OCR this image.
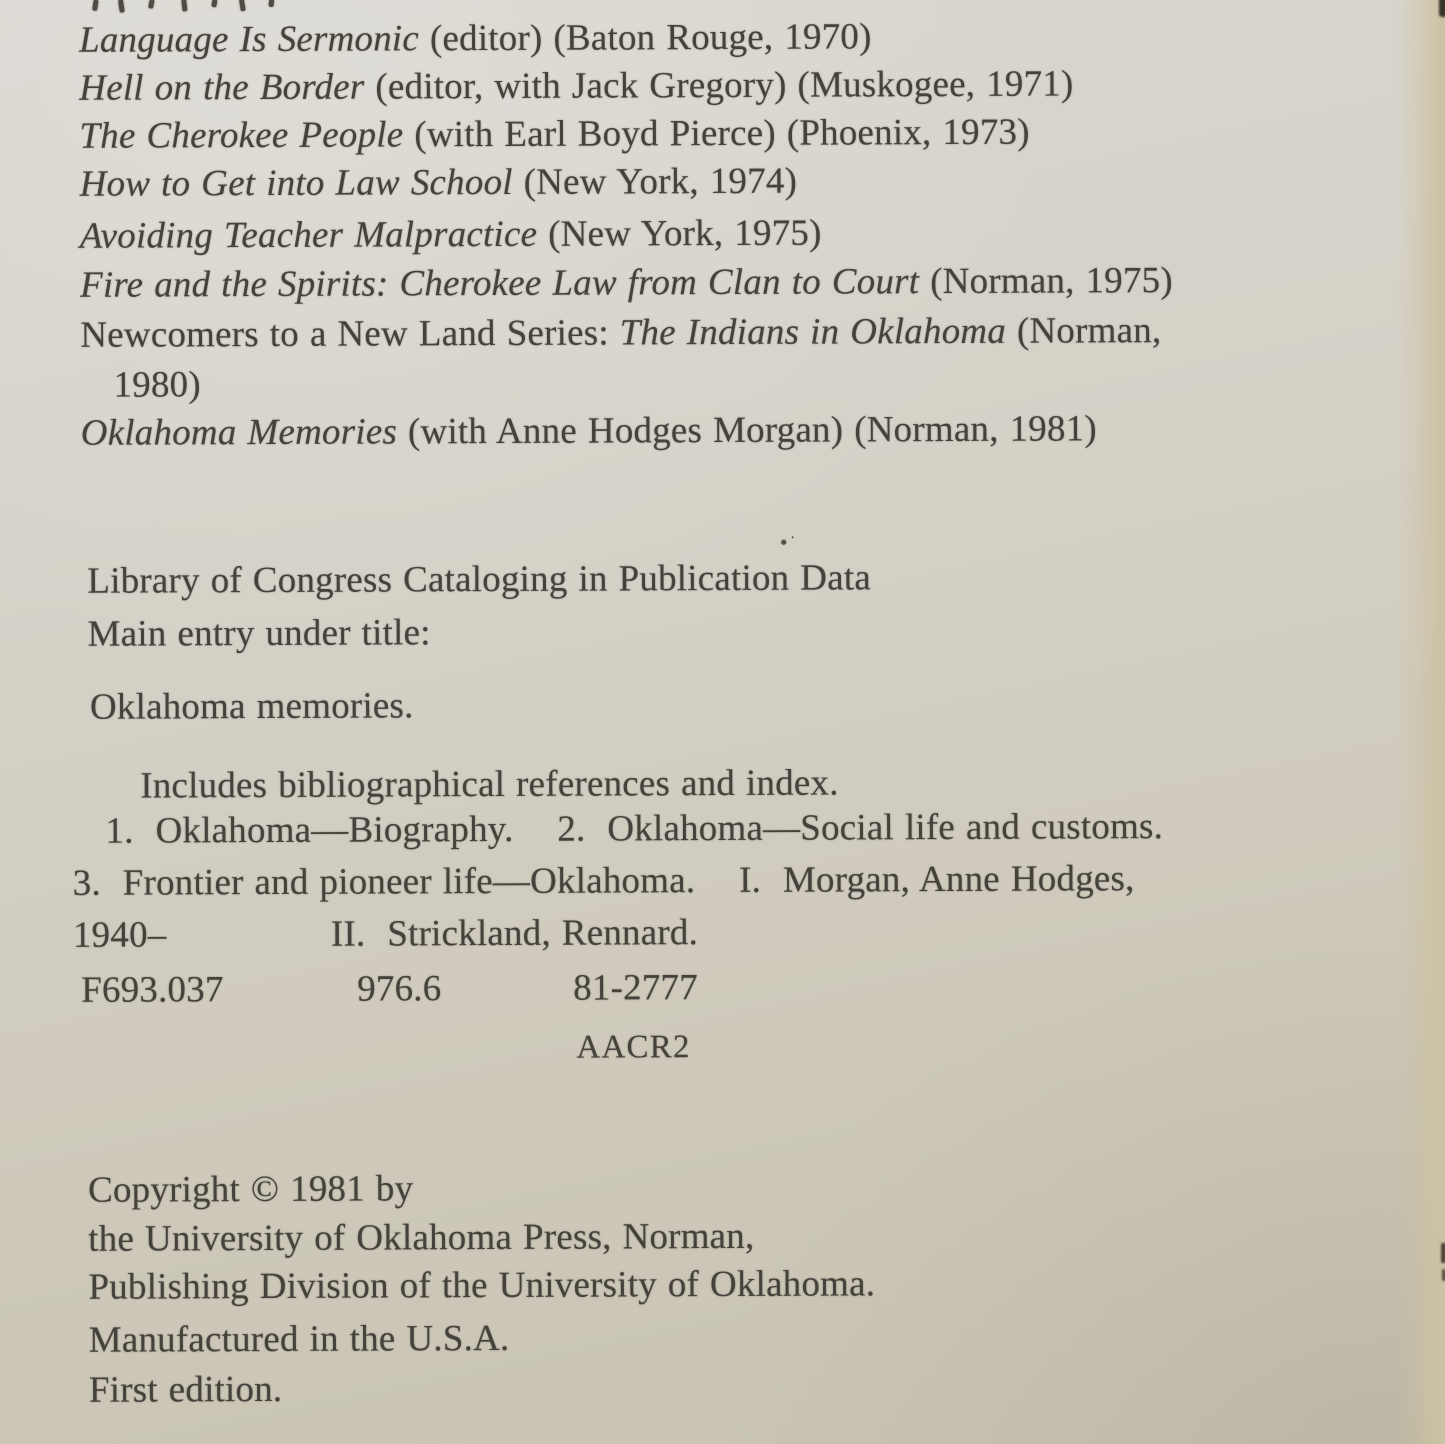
Language Is Sermonic (editor) (Baton Rouge, 1970)
Hell on the Border (editor, with Jack Gregory) (Muskogee, 1971)
The Cherokee People (with Earl Boyd Pierce) (Phoenix, 1973)
How to Get into Law School (New York, 1974)
Avoiding Teacher Malpractice (New York, 1975)
Fire and the Spirits: Cherokee Law from Clan to Court (Norman, 1975)
Newcomers to a New Land Series: The Indians in Oklahoma (Norman,
1980)
Oklahoma Memories (with Anne Hodges Morgan) (Norman, 1981)
Library of Congress Cataloging in Publication Data
Main entry under title:
Oklahoma memories.
Includes bibliographical references and index.
1.  Oklahoma—Biography.    2.  Oklahoma—Social life and customs.
3.  Frontier and pioneer life—Oklahoma.    I.  Morgan, Anne Hodges,
1940–	II.  Strickland, Rennard.
F693.037	976.6	81-2777
AACR2
Copyright © 1981 by
the University of Oklahoma Press, Norman,
Publishing Division of the University of Oklahoma.
Manufactured in the U.S.A.
First edition.
